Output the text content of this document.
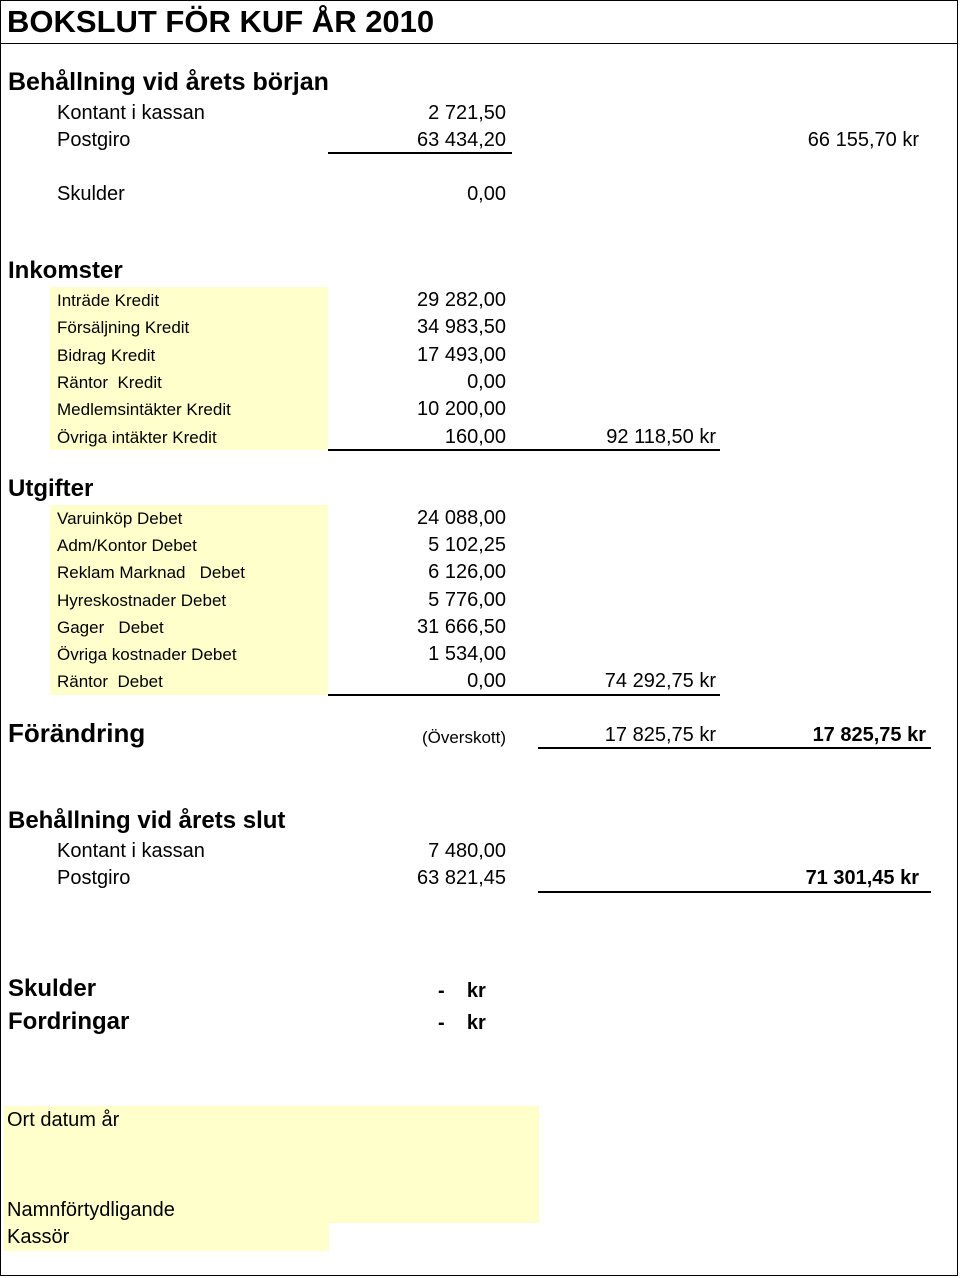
BOKSLUT FÖR KUF ÅR 2010
Behållning vid årets början
Kontant i kassan	2 721,50
Postgiro	63 434,20	66 155,70 kr
Skulder	0,00
Inkomster
Inträde Kredit	29 282,00
Försäljning Kredit	34 983,50
Bidrag Kredit	17 493,00
Räntor  Kredit	0,00
Medlemsintäkter Kredit	10 200,00
Övriga intäkter Kredit	160,00	92 118,50 kr
Utgifter
Varuinköp Debet	24 088,00
Adm/Kontor Debet	5 102,25
Reklam Marknad   Debet	6 126,00
Hyreskostnader Debet	5 776,00
Gager   Debet	31 666,50
Övriga kostnader Debet	1 534,00
Räntor  Debet	0,00	74 292,75 kr
Förändring	(Överskott)	17 825,75 kr	17 825,75 kr
Behållning vid årets slut
Kontant i kassan	7 480,00
Postgiro	63 821,45	71 301,45 kr
Skulder	-    kr
Fordringar	-    kr
Ort datum år
Namnförtydligande
Kassör
